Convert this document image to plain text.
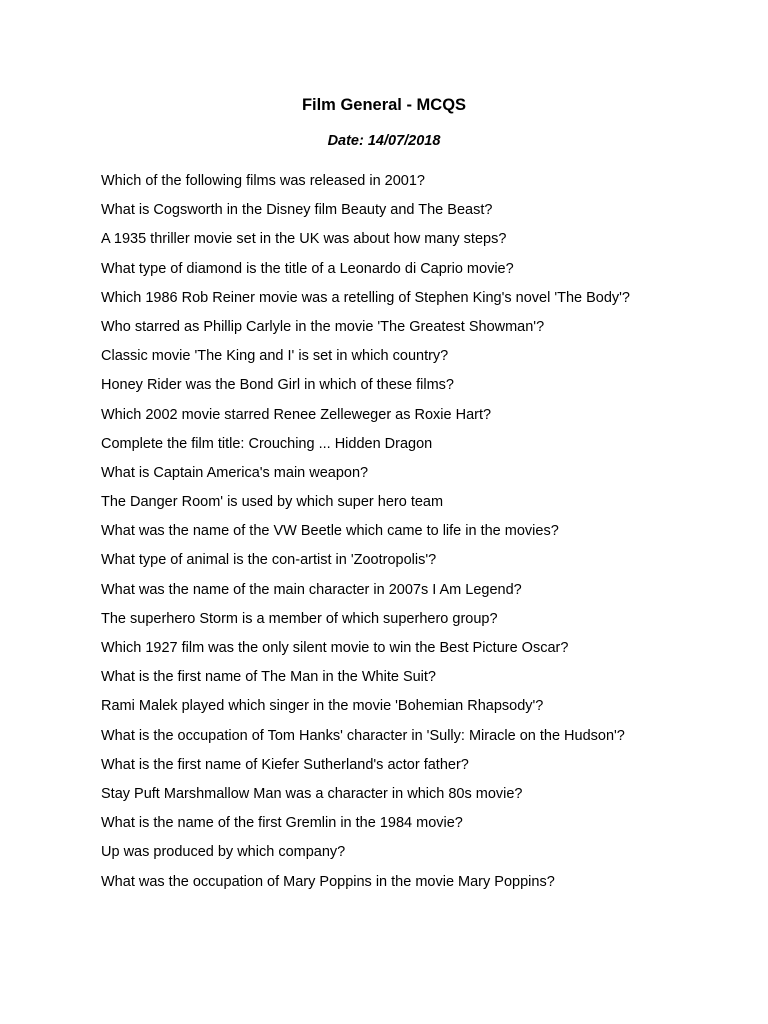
Film General - MCQS
Date: 14/07/2018
Which of the following films was released in 2001?
What is Cogsworth in the Disney film Beauty and The Beast?
A 1935 thriller movie set in the UK was about how many steps?
What type of diamond is the title of a Leonardo di Caprio movie?
Which 1986 Rob Reiner movie was a retelling of Stephen King's novel 'The Body'?
Who starred as Phillip Carlyle in the movie 'The Greatest Showman'?
Classic movie 'The King and I' is set in which country?
Honey Rider was the Bond Girl in which of these films?
Which 2002 movie starred Renee Zelleweger as Roxie Hart?
Complete the film title: Crouching ... Hidden Dragon
What is Captain America's main weapon?
The Danger Room' is used by which super hero team
What was the name of the VW Beetle which came to life in the movies?
What type of animal is the con-artist in 'Zootropolis'?
What was the name of the main character in 2007s I Am Legend?
The superhero Storm is a member of which superhero group?
Which 1927 film was the only silent movie to win the Best Picture Oscar?
What is the first name of The Man in the White Suit?
Rami Malek played which singer in the movie 'Bohemian Rhapsody'?
What is the occupation of Tom Hanks' character in 'Sully: Miracle on the Hudson'?
What is the first name of Kiefer Sutherland's actor father?
Stay Puft Marshmallow Man was a character in which 80s movie?
What is the name of the first Gremlin in the 1984 movie?
Up was produced by which company?
What was the occupation of Mary Poppins in the movie Mary Poppins?
